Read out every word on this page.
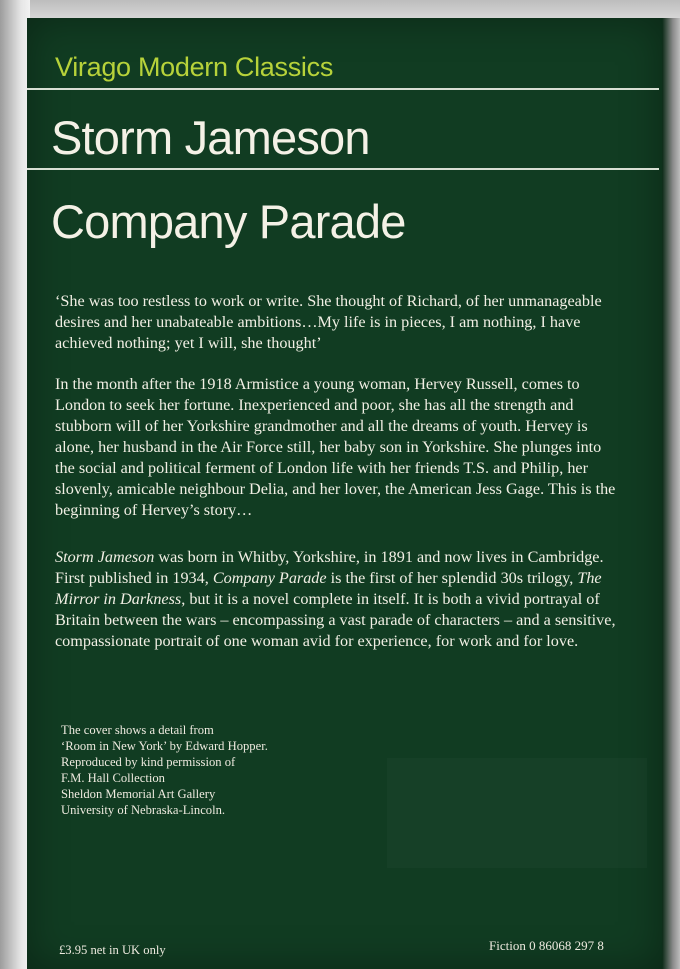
Virago Modern Classics
Storm Jameson
Company Parade
‘She was too restless to work or write. She thought of Richard, of her unmanageable desires and her unabateable ambitions…My life is in pieces, I am nothing, I have achieved nothing; yet I will, she thought’
In the month after the 1918 Armistice a young woman, Hervey Russell, comes to London to seek her fortune. Inexperienced and poor, she has all the strength and stubborn will of her Yorkshire grandmother and all the dreams of youth. Hervey is alone, her husband in the Air Force still, her baby son in Yorkshire. She plunges into the social and political ferment of London life with her friends T.S. and Philip, her slovenly, amicable neighbour Delia, and her lover, the American Jess Gage. This is the beginning of Hervey’s story…
Storm Jameson was born in Whitby, Yorkshire, in 1891 and now lives in Cambridge. First published in 1934, Company Parade is the first of her splendid 30s trilogy, The Mirror in Darkness, but it is a novel complete in itself. It is both a vivid portrayal of Britain between the wars – encompassing a vast parade of characters – and a sensitive, compassionate portrait of one woman avid for experience, for work and for love.
The cover shows a detail from
‘Room in New York’ by Edward Hopper.
Reproduced by kind permission of
F.M. Hall Collection
Sheldon Memorial Art Gallery
University of Nebraska-Lincoln.
£3.95 net in UK only	Fiction 0 86068 297 8
